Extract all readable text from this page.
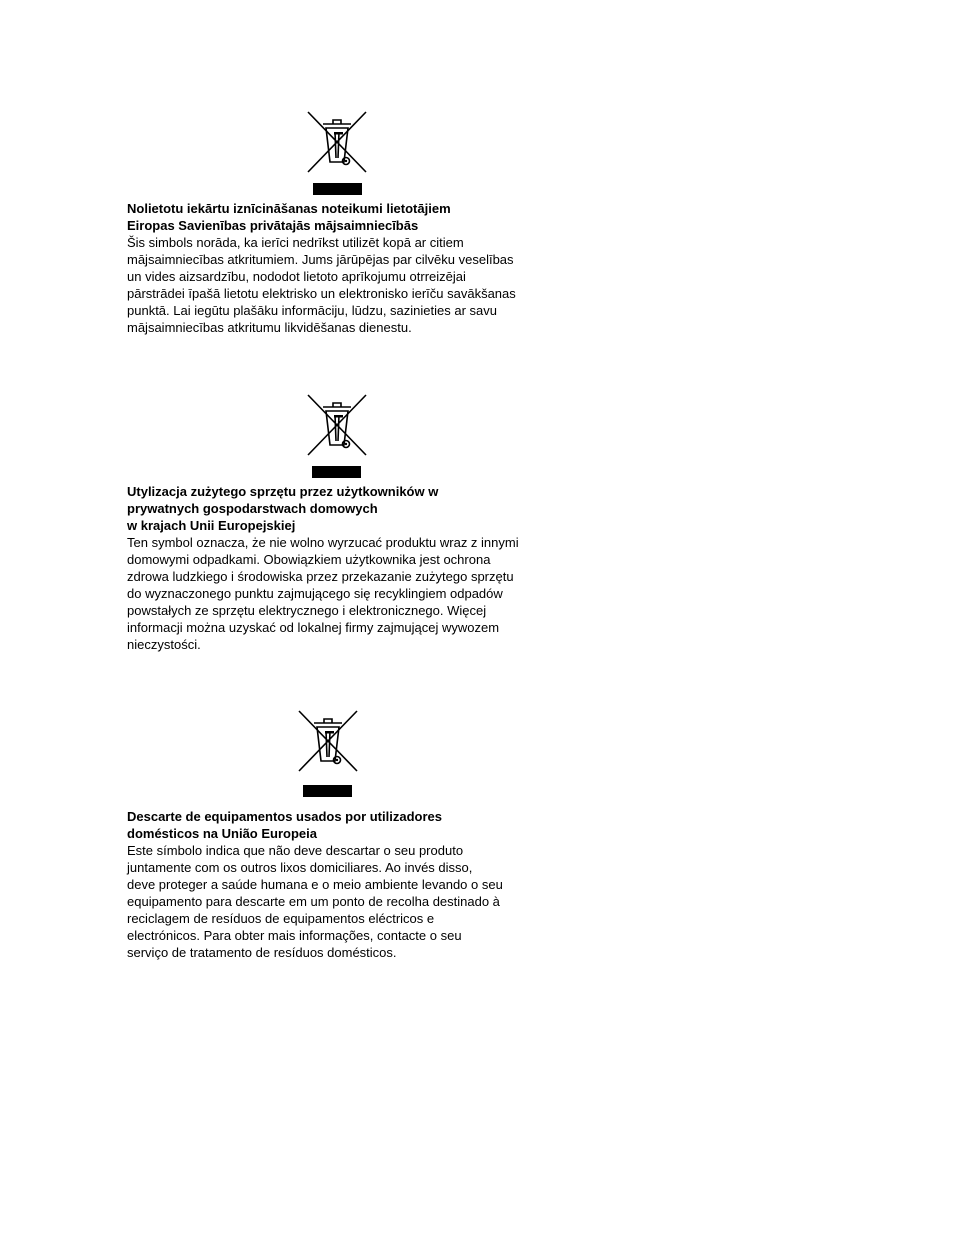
Nolietotu iekārtu iznīcināšanas noteikumi lietotājiem
Eiropas Savienības privātajās mājsaimniecībās
Šis simbols norāda, ka ierīci nedrīkst utilizēt kopā ar citiem
mājsaimniecības atkritumiem. Jums jārūpējas par cilvēku veselības
un vides aizsardzību, nododot lietoto aprīkojumu otrreizējai
pārstrādei īpašā lietotu elektrisko un elektronisko ierīču savākšanas
punktā. Lai iegūtu plašāku informāciju, lūdzu, sazinieties ar savu
mājsaimniecības atkritumu likvidēšanas dienestu.
Utylizacja zużytego sprzętu przez użytkowników w
prywatnych gospodarstwach domowych
w krajach Unii Europejskiej
Ten symbol oznacza, że nie wolno wyrzucać produktu wraz z innymi
domowymi odpadkami. Obowiązkiem użytkownika jest ochrona
zdrowa ludzkiego i środowiska przez przekazanie zużytego sprzętu
do wyznaczonego punktu zajmującego się recyklingiem odpadów
powstałych ze sprzętu elektrycznego i elektronicznego. Więcej
informacji można uzyskać od lokalnej firmy zajmującej wywozem
nieczystości.
Descarte de equipamentos usados por utilizadores
domésticos na União Europeia
Este símbolo indica que não deve descartar o seu produto
juntamente com os outros lixos domiciliares. Ao invés disso,
deve proteger a saúde humana e o meio ambiente levando o seu
equipamento para descarte em um ponto de recolha destinado à
reciclagem de resíduos de equipamentos eléctricos e
electrónicos. Para obter mais informações, contacte o seu
serviço de tratamento de resíduos domésticos.
